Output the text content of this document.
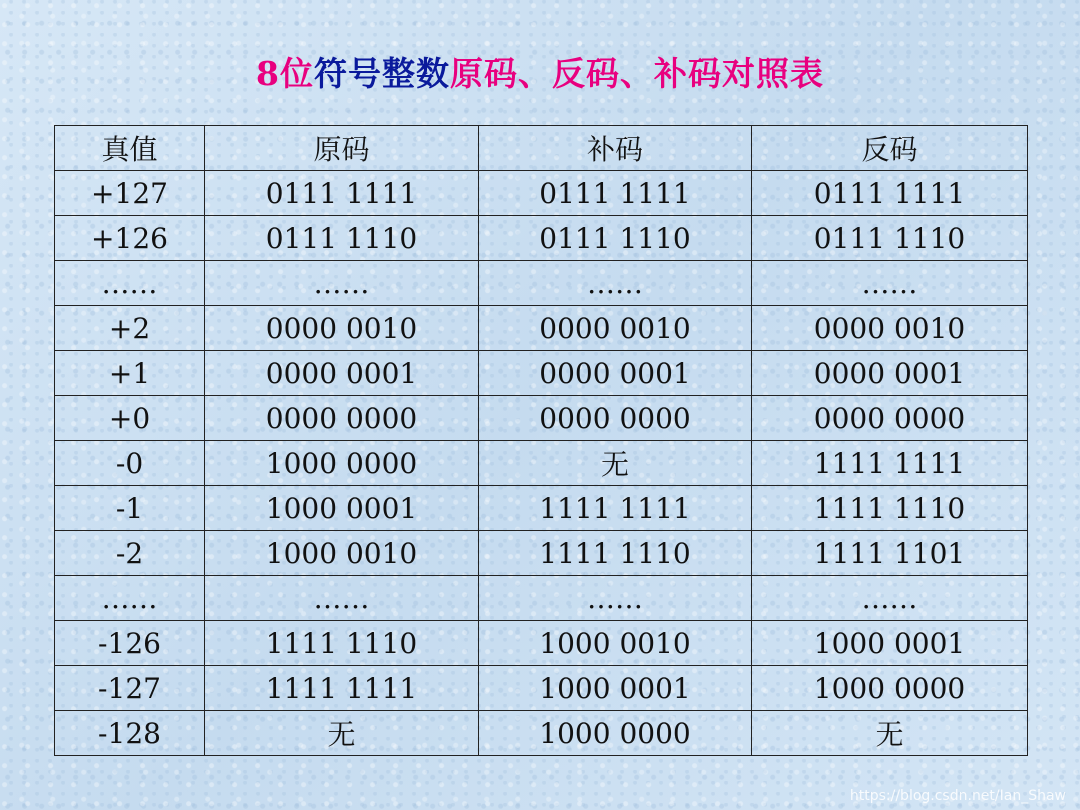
8位符号整数原码、反码、补码对照表
真值	原码	补码	反码
+127	0111 1111	0111 1111	0111 1111
+126	0111 1110	0111 1110	0111 1110
……	……	……	……
+2	0000 0010	0000 0010	0000 0010
+1	0000 0001	0000 0001	0000 0001
+0	0000 0000	0000 0000	0000 0000
-0	1000 0000	无	1111 1111
-1	1000 0001	1111 1111	1111 1110
-2	1000 0010	1111 1110	1111 1101
……	……	……	……
-126	1111 1110	1000 0010	1000 0001
-127	1111 1111	1000 0001	1000 0000
-128	无	1000 0000	无
https://blog.csdn.net/Ian_Shaw
